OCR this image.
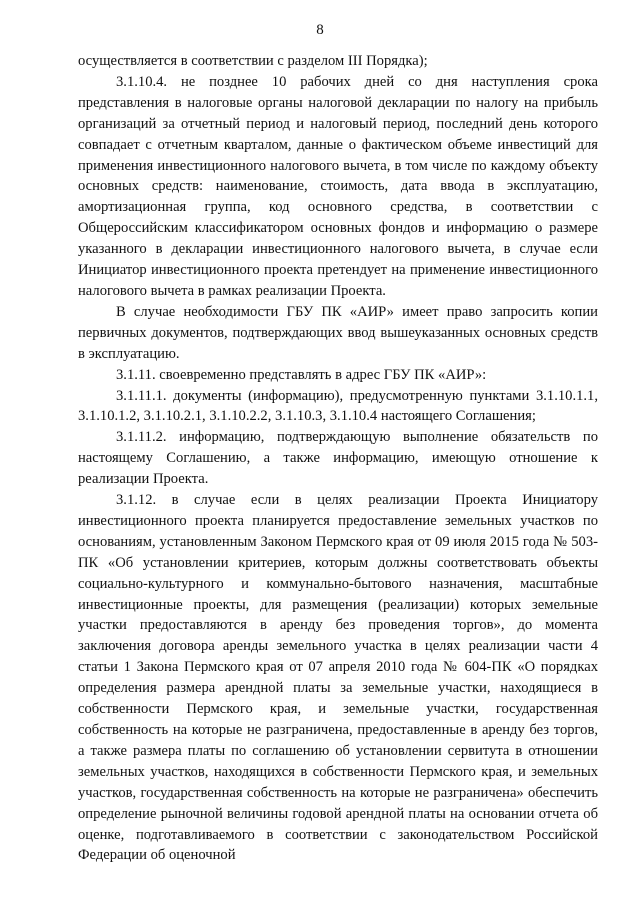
8

осуществляется в соответствии с разделом III Порядка);

3.1.10.4. не позднее 10 рабочих дней со дня наступления срока представления в налоговые органы налоговой декларации по налогу на прибыль организаций за отчетный период и налоговый период, последний день которого совпадает с отчетным кварталом, данные о фактическом объеме инвестиций для применения инвестиционного налогового вычета, в том числе по каждому объекту основных средств: наименование, стоимость, дата ввода в эксплуатацию, амортизационная группа, код основного средства, в соответствии с Общероссийским классификатором основных фондов и информацию о размере указанного в декларации инвестиционного налогового вычета, в случае если Инициатор инвестиционного проекта претендует на применение инвестиционного налогового вычета в рамках реализации Проекта.

В случае необходимости ГБУ ПК «АИР» имеет право запросить копии первичных документов, подтверждающих ввод вышеуказанных основных средств в эксплуатацию.

3.1.11. своевременно представлять в адрес ГБУ ПК «АИР»:

3.1.11.1. документы (информацию), предусмотренную пунктами 3.1.10.1.1, 3.1.10.1.2, 3.1.10.2.1, 3.1.10.2.2, 3.1.10.3, 3.1.10.4 настоящего Соглашения;

3.1.11.2. информацию, подтверждающую выполнение обязательств по настоящему Соглашению, а также информацию, имеющую отношение к реализации Проекта.

3.1.12. в случае если в целях реализации Проекта Инициатору инвестиционного проекта планируется предоставление земельных участков по основаниям, установленным Законом Пермского края от 09 июля 2015 года № 503-ПК «Об установлении критериев, которым должны соответствовать объекты социально-культурного и коммунально-бытового назначения, масштабные инвестиционные проекты, для размещения (реализации) которых земельные участки предоставляются в аренду без проведения торгов», до момента заключения договора аренды земельного участка в целях реализации части 4 статьи 1 Закона Пермского края от 07 апреля 2010 года № 604-ПК «О порядках определения размера арендной платы за земельные участки, находящиеся в собственности Пермского края, и земельные участки, государственная собственность на которые не разграничена, предоставленные в аренду без торгов, а также размера платы по соглашению об установлении сервитута в отношении земельных участков, находящихся в собственности Пермского края, и земельных участков, государственная собственность на которые не разграничена» обеспечить определение рыночной величины годовой арендной платы на основании отчета об оценке, подготавливаемого в соответствии с законодательством Российской Федерации об оценочной
